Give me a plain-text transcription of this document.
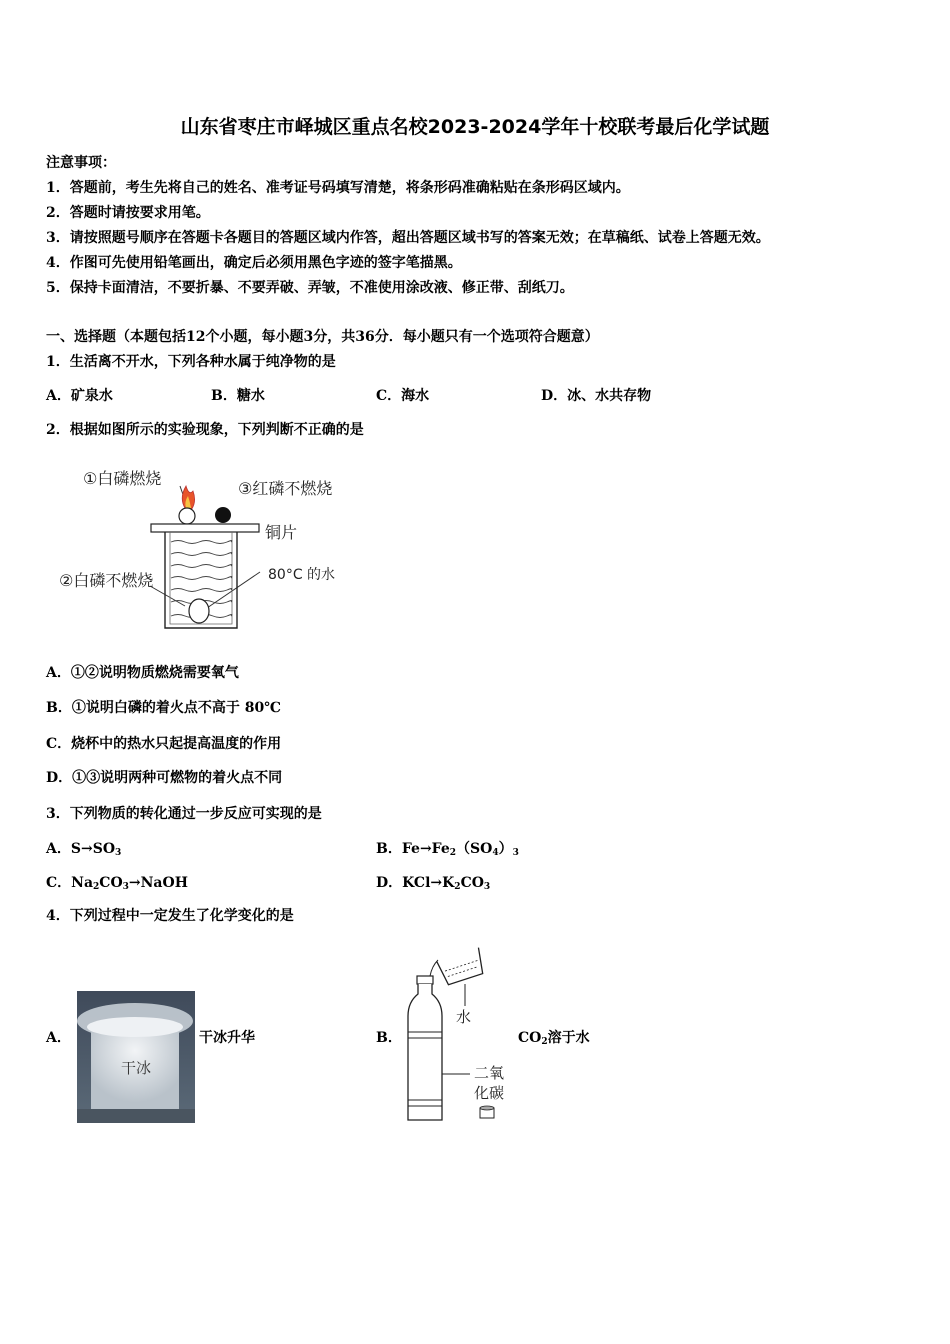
山东省枣庄市峄城区重点名校2023-2024学年十校联考最后化学试题
注意事项：
1．答题前，考生先将自己的姓名、准考证号码填写清楚，将条形码准确粘贴在条形码区域内。
2．答题时请按要求用笔。
3．请按照题号顺序在答题卡各题目的答题区域内作答，超出答题区域书写的答案无效；在草稿纸、试卷上答题无效。
4．作图可先使用铅笔画出，确定后必须用黑色字迹的签字笔描黑。
5．保持卡面清洁，不要折暴、不要弄破、弄皱，不准使用涂改液、修正带、刮纸刀。
一、选择题（本题包括12个小题，每小题3分，共36分．每小题只有一个选项符合题意）
1．生活离不开水，下列各种水属于纯净物的是
A．矿泉水	B．糖水	C．海水	D．冰、水共存物
2．根据如图所示的实验现象，下列判断不正确的是
①白磷燃烧
③红磷不燃烧
铜片
②白磷不燃烧	80°C 的水
A．①②说明物质燃烧需要氧气
B．①说明白磷的着火点不高于 80℃
C．烧杯中的热水只起提高温度的作用
D．①③说明两种可燃物的着火点不同
3．下列物质的转化通过一步反应可实现的是
A．$S\to SO_3$	B．$Fe\to Fe_2(SO_4)_3$
C．$Na_2CO_3\to NaOH$	D．$KCl\to K_2CO_3$
4．下列过程中一定发生了化学变化的是
A．
干冰
干冰升华	B．
水
二氧
化碳
$CO_2$溶于水
